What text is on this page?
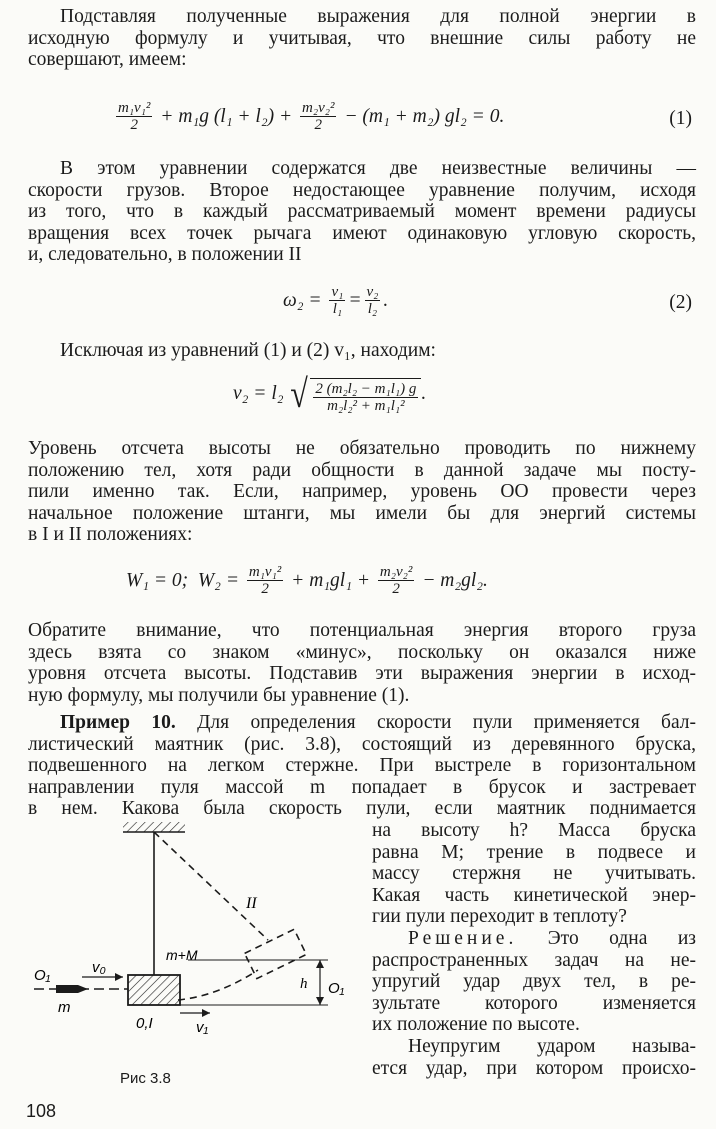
Подставляя полученные выражения для полной энергии в
исходную формулу и учитывая, что внешние силы работу не
совершают, имеем:
$\frac{\text{m₁v₁²}}{2} + m_1g$ $(l_1 + l_2) + \frac{\text{m₂v₂²}}{2} - (m_1 + m_2) gl_2 = 0$.	(1)
В этом уравнении содержатся две неизвестные величины —
скорости грузов. Второе недостающее уравнение получим, исходя
из того, что в каждый рассматриваемый момент времени радиусы
вращения всех точек рычага имеют одинаковую угловую скорость,
и, следовательно, в положении II
$\omega_2 = \frac{\text{v₁}}{\text{l₁}} = \frac{\text{v₂}}{\text{l₂}}$ .	(2)
Исключая из уравнений (1) и (2) v₁, находим:
v₂ = l₂ √ $\frac{\text{2 (m₂l₂ − m₁l₁) g}}{\text{m₂l₂² + m₁l₁²}}$ .
Уровень отсчета высоты не обязательно проводить по нижнему
положению тел, хотя ради общности в данной задаче мы посту-
пили именно так. Если, например, уровень OO провести через
начальное положение штанги, мы имели бы для энергий системы
в I и II положениях:
W₁ = 0;  $W_2 = \frac{\text{m₁v₁²}}{2} + m_1gl_1 + \frac{\text{m₂v₂²}}{2} - m_2gl_2$.
Обратите внимание, что потенциальная энергия второго груза
здесь взята со знаком «минус», поскольку он оказался ниже
уровня отсчета высоты. Подставив эти выражения энергии в исход-
ную формулу, мы получили бы уравнение (1).
Пример 10. Для определения скорости пули применяется бал-
листический маятник (рис. 3.8), состоящий из деревянного бруска,
подвешенного на легком стержне. При выстреле в горизонтальном
направлении пуля массой m попадает в брусок и застревает
в нем. Какова была скорость пули, если маятник поднимается
на высоту h? Масса бруска
равна M; трение в подвесе и
массу стержня не учитывать.
Какая часть кинетической энер-
гии пули переходит в теплоту?
Решение. Это одна из
распространенных задач на не-
упругий удар двух тел, в ре-
зультате которого изменяется
их положение по высоте.
Неупругим ударом называ-
ется удар, при котором происхо-
m+M
II
0,I
O₁
O₁
h
m
v₀
v₁
Рис 3.8
108
